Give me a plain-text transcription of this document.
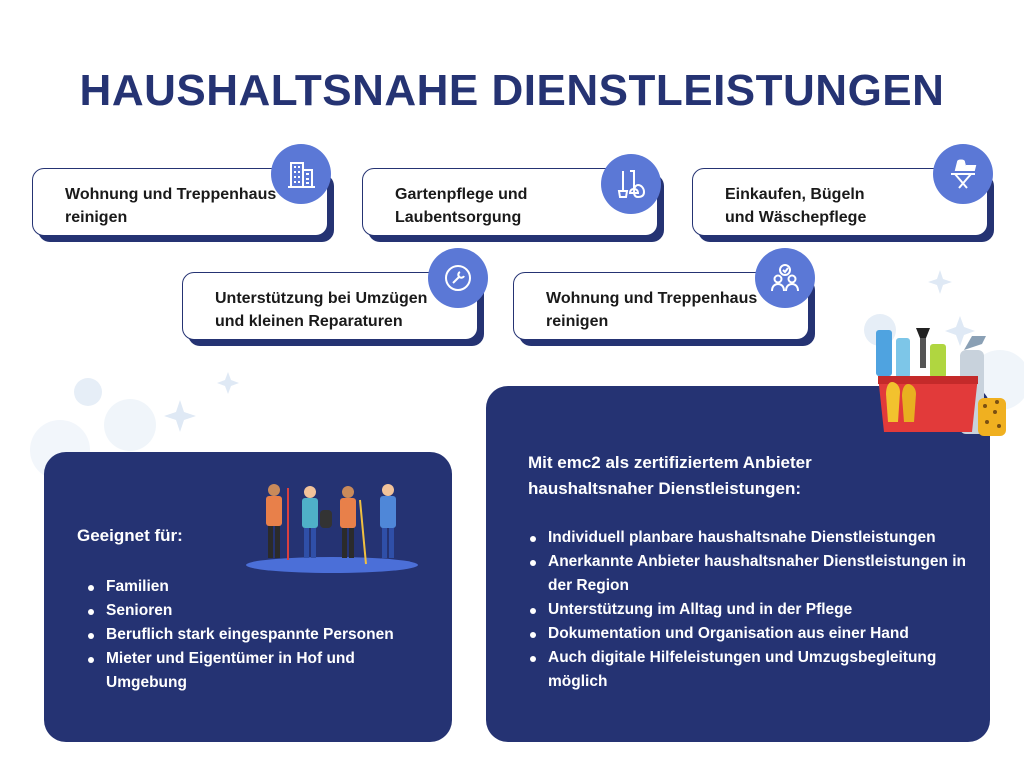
HAUSHALTSNAHE DIENSTLEISTUNGEN
Wohnung und Treppenhaus
reinigen
Gartenpflege und
Laubentsorgung
Einkaufen, Bügeln
und Wäschepflege
Unterstützung bei Umzügen
und kleinen Reparaturen
Wohnung und Treppenhaus
reinigen
Geeignet für:
Familien
Senioren
Beruflich stark eingespannte Personen
Mieter und Eigentümer in Hof und Umgebung
Mit emc2 als zertifiziertem Anbieter
haushaltsnaher Dienstleistungen:
Individuell planbare haushaltsnahe Dienstleistungen
Anerkannte Anbieter haushaltsnaher Dienstleistungen in der Region
Unterstützung im Alltag und in der Pflege
Dokumentation und Organisation aus einer Hand
Auch digitale Hilfeleistungen und Umzugsbegleitung möglich
